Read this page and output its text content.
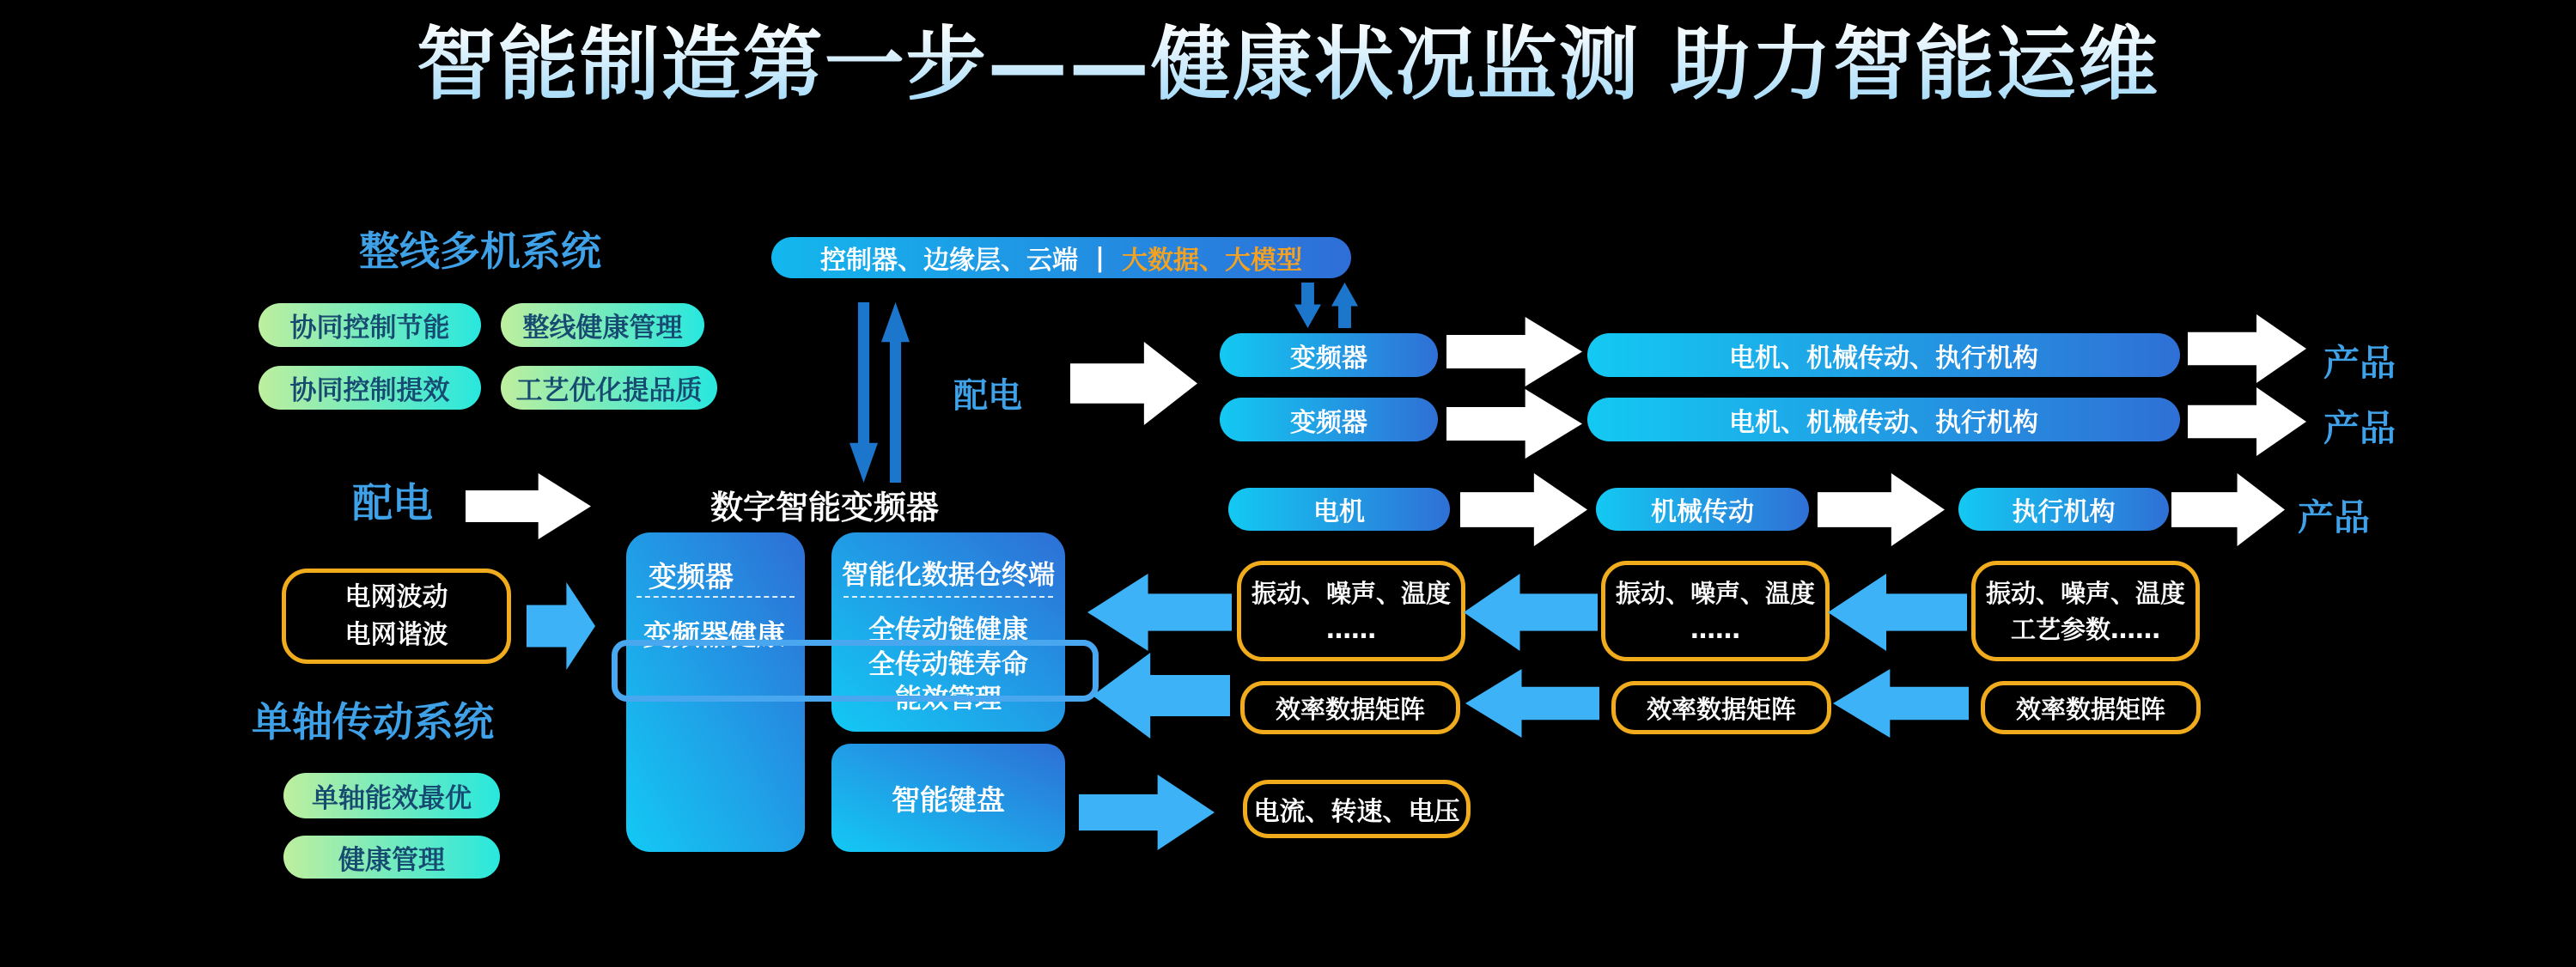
智能制造第一步——健康状况监测 助力智能运维
整线多机系统
协同控制节能	整线健康管理
协同控制提效	工艺优化提品质
控制器、边缘层、云端 | 大数据、大模型
配电
变频器
变频器
电机、机械传动、执行机构
电机、机械传动、执行机构
产品
产品
电机	机械传动	执行机构	产品
数字智能变频器
变频器
变频器健康
智能化数据仓终端
全传动链健康
全传动链寿命
能效管理
智能键盘	电流、转速、电压
配电
电网波动
电网谐波
单轴传动系统
单轴能效最优
健康管理
振动、噪声、温度
……
振动、噪声、温度
……
振动、噪声、温度
工艺参数……
效率数据矩阵	效率数据矩阵	效率数据矩阵
